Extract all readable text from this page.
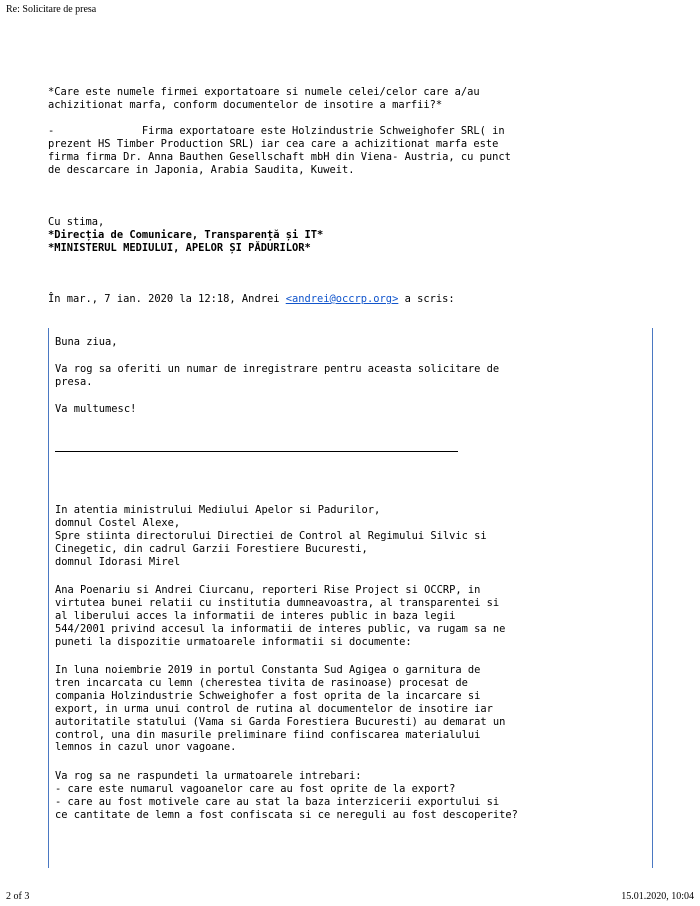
Re: Solicitare de presa
*Care este numele firmei exportatoare si numele celei/celor care a/au
achizitionat marfa, conform documentelor de insotire a marfii?*
-              Firma exportatoare este Holzindustrie Schweighofer SRL( in
prezent HS Timber Production SRL) iar cea care a achizitionat marfa este
firma firma Dr. Anna Bauthen Gesellschaft mbH din Viena- Austria, cu punct
de descarcare in Japonia, Arabia Saudita, Kuweit.
Cu stima,
*Direcția de Comunicare, Transparență și IT*
*MINISTERUL MEDIULUI, APELOR ȘI PĂDURILOR*
În mar., 7 ian. 2020 la 12:18, Andrei <andrei@occrp.org> a scris:
Buna ziua,
Va rog sa oferiti un numar de inregistrare pentru aceasta solicitare de
presa.
Va multumesc!
In atentia ministrului Mediului Apelor si Padurilor,
domnul Costel Alexe,
Spre stiinta directorului Directiei de Control al Regimului Silvic si
Cinegetic, din cadrul Garzii Forestiere Bucuresti,
domnul Idorasi Mirel
Ana Poenariu si Andrei Ciurcanu, reporteri Rise Project si OCCRP, in
virtutea bunei relatii cu institutia dumneavoastra, al transparentei si
al liberului acces la informatii de interes public in baza legii
544/2001 privind accesul la informatii de interes public, va rugam sa ne
puneti la dispozitie urmatoarele informatii si documente:
In luna noiembrie 2019 in portul Constanta Sud Agigea o garnitura de
tren incarcata cu lemn (cherestea tivita de rasinoase) procesat de
compania Holzindustrie Schweighofer a fost oprita de la incarcare si
export, in urma unui control de rutina al documentelor de insotire iar
autoritatile statului (Vama si Garda Forestiera Bucuresti) au demarat un
control, una din masurile preliminare fiind confiscarea materialului
lemnos in cazul unor vagoane.
Va rog sa ne raspundeti la urmatoarele intrebari:
- care este numarul vagoanelor care au fost oprite de la export?
- care au fost motivele care au stat la baza interzicerii exportului si
ce cantitate de lemn a fost confiscata si ce nereguli au fost descoperite?
2 of 3	15.01.2020, 10:04
